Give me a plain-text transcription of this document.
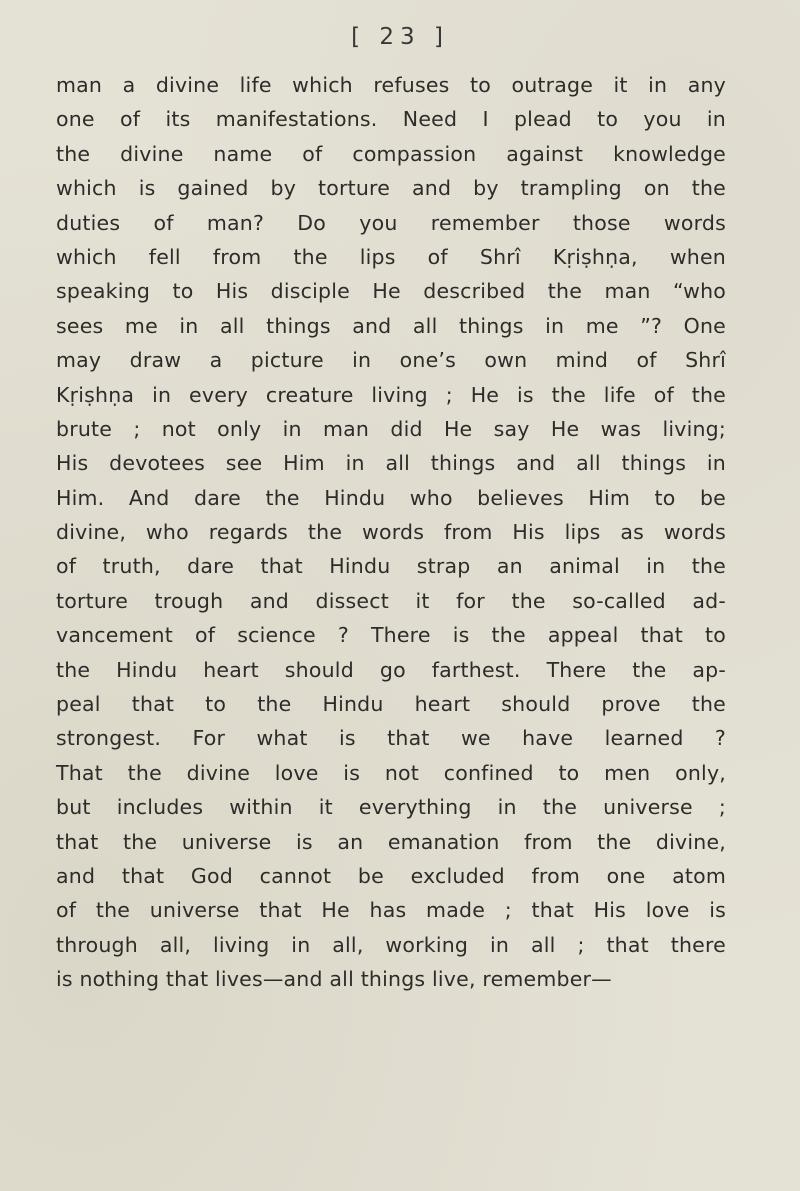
[ 23 ]
man a divine life which refuses to outrage it in any
one of its manifestations. Need I plead to you in
the divine name of compassion against knowledge
which is gained by torture and by trampling on the
duties of man? Do you remember those words
which fell from the lips of Shrî Kṛiṣhṇa, when
speaking to His disciple He described the man “who
sees me in all things and all things in me ”? One
may draw a picture in one’s own mind of Shrî
Kṛiṣhṇa in every creature living ; He is the life of the
brute ; not only in man did He say He was living;
His devotees see Him in all things and all things in
Him. And dare the Hindu who believes Him to be
divine, who regards the words from His lips as words
of truth, dare that Hindu strap an animal in the
torture trough and dissect it for the so-called ad-
vancement of science ? There is the appeal that to
the Hindu heart should go farthest. There the ap-
peal that to the Hindu heart should prove the
strongest. For what is that we have learned ?
That the divine love is not confined to men only,
but includes within it everything in the universe ;
that the universe is an emanation from the divine,
and that God cannot be excluded from one atom
of the universe that He has made ; that His love is
through all, living in all, working in all ; that there
is nothing that lives—and all things live, remember—
